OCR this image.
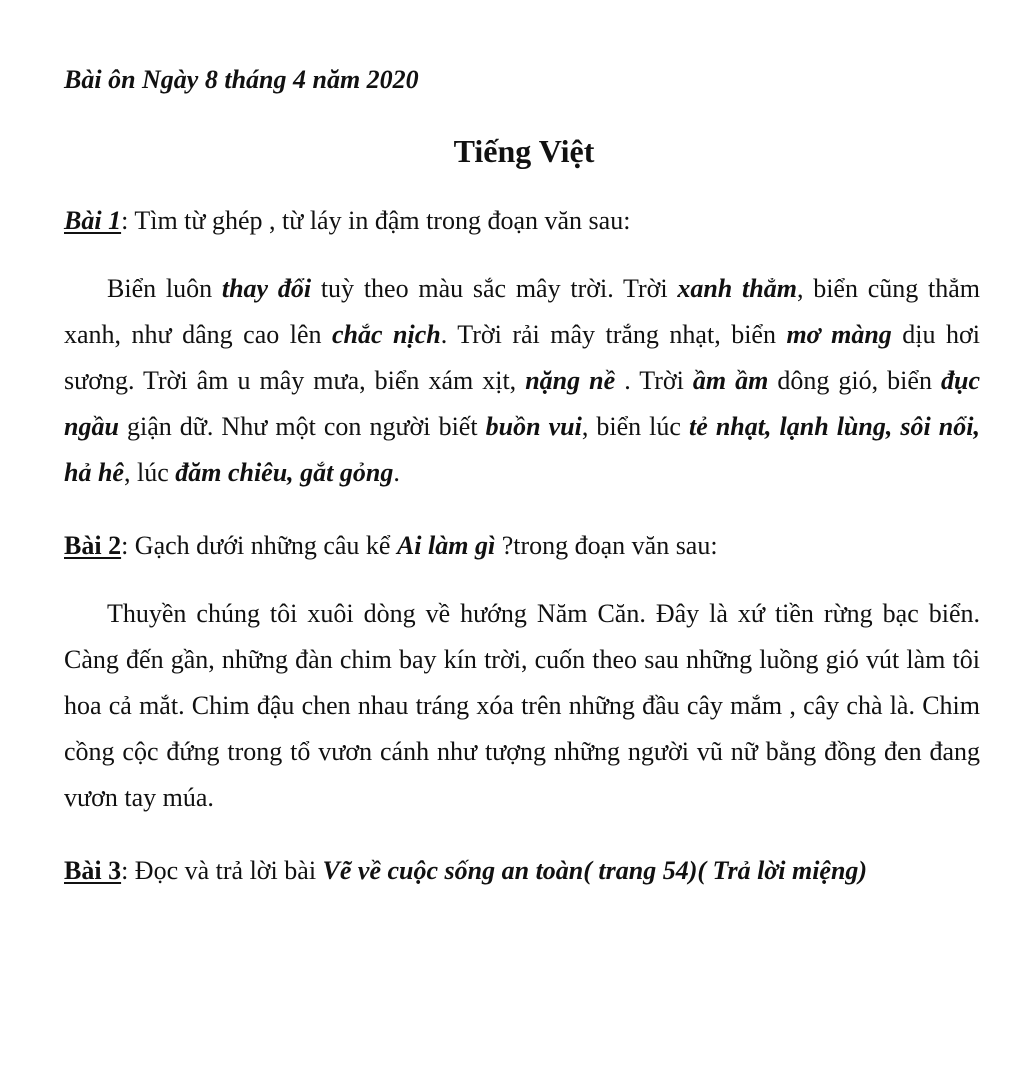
Bài ôn Ngày 8 tháng 4 năm 2020
Tiếng Việt
Bài 1: Tìm từ ghép , từ láy in đậm trong đoạn văn sau:
Biển luôn thay đổi tuỳ theo màu sắc mây trời. Trời xanh thẳm, biển cũng thẳm xanh, như dâng cao lên chắc nịch. Trời rải mây trắng nhạt, biển mơ màng dịu hơi sương. Trời âm u mây mưa, biển xám xịt, nặng nề . Trời ầm ầm dông gió, biển đục ngầu giận dữ. Như một con người biết buồn vui, biển lúc tẻ nhạt, lạnh lùng, sôi nổi, hả hê, lúc đăm chiêu, gắt gỏng.
Bài 2: Gạch dưới những câu kể Ai làm gì ?trong đoạn văn sau:
Thuyền chúng tôi xuôi dòng về hướng Năm Căn. Đây là xứ tiền rừng bạc biển. Càng đến gần, những đàn chim bay kín trời, cuốn theo sau những luồng gió vút làm tôi hoa cả mắt. Chim đậu chen nhau tráng xóa trên những đầu cây mắm , cây chà là. Chim cồng cộc đứng trong tổ vươn cánh như tượng những người vũ nữ bằng đồng đen đang vươn tay múa.
Bài 3: Đọc và trả lời bài Vẽ về cuộc sống an toàn( trang 54)( Trả lời miệng)
